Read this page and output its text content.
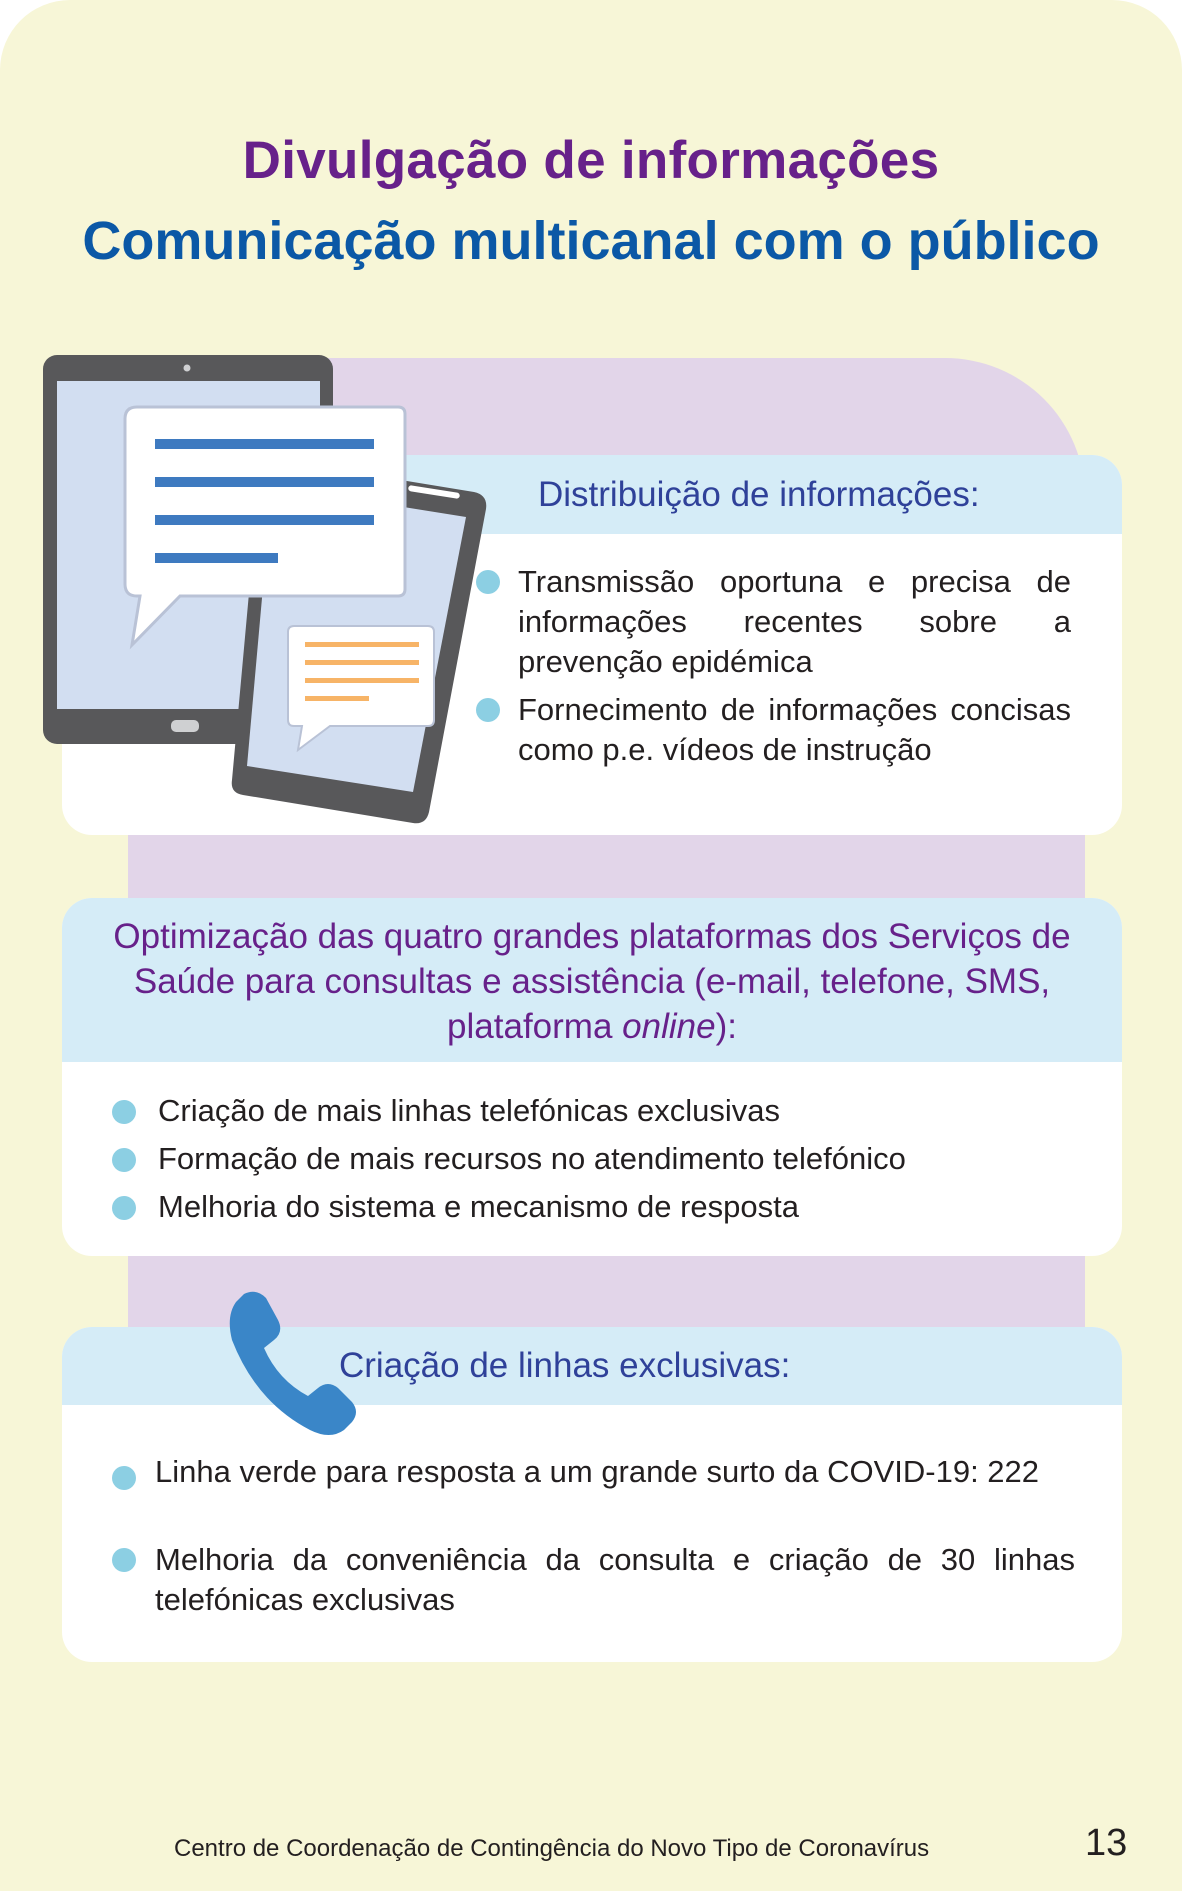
Divulgação de informações
Comunicação multicanal com o público
Distribuição de informações:
Transmissão oportuna e precisa de informações recentes sobre a prevenção epidémica
Fornecimento de informações concisas como p.e. vídeos de instrução
Optimização das quatro grandes plataformas dos Serviços de Saúde para consultas e assistência (e-mail, telefone, SMS, plataforma online):
Criação de mais linhas telefónicas exclusivas
Formação de mais recursos no atendimento telefónico
Melhoria do sistema e mecanismo de resposta
Criação de linhas exclusivas:
Linha verde para resposta a um grande surto da COVID-19: 222
Melhoria da conveniência da consulta e criação de 30 linhas telefónicas exclusivas
Centro de Coordenação de Contingência do Novo Tipo de Coronavírus	13
